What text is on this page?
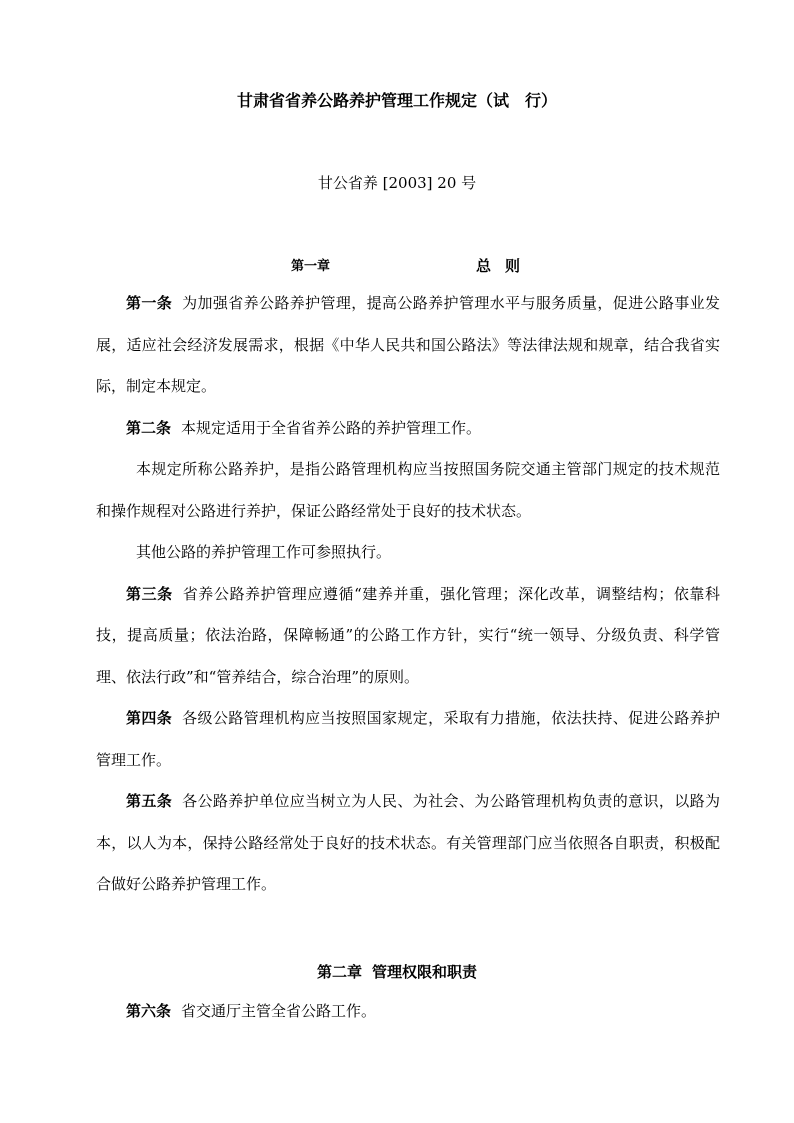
甘肃省省养公路养护管理工作规定（试　行）
甘公省养 [2003] 20 号
第一章	总则

第一条 为加强省养公路养护管理，提高公路养护管理水平与服务质量，促进公路事业发展，适应社会经济发展需求，根据《中华人民共和国公路法》等法律法规和规章，结合我省实际，制定本规定。

第二条 本规定适用于全省省养公路的养护管理工作。

本规定所称公路养护，是指公路管理机构应当按照国务院交通主管部门规定的技术规范和操作规程对公路进行养护，保证公路经常处于良好的技术状态。

其他公路的养护管理工作可参照执行。

第三条 省养公路养护管理应遵循“建养并重，强化管理；深化改革，调整结构；依靠科技，提高质量；依法治路，保障畅通”的公路工作方针，实行“统一领导、分级负责、科学管理、依法行政”和“管养结合，综合治理”的原则。

第四条 各级公路管理机构应当按照国家规定，采取有力措施，依法扶持、促进公路养护管理工作。

第五条 各公路养护单位应当树立为人民、为社会、为公路管理机构负责的意识，以路为本，以人为本，保持公路经常处于良好的技术状态。有关管理部门应当依照各自职责，积极配合做好公路养护管理工作。

第二章 管理权限和职责

第六条 省交通厅主管全省公路工作。
